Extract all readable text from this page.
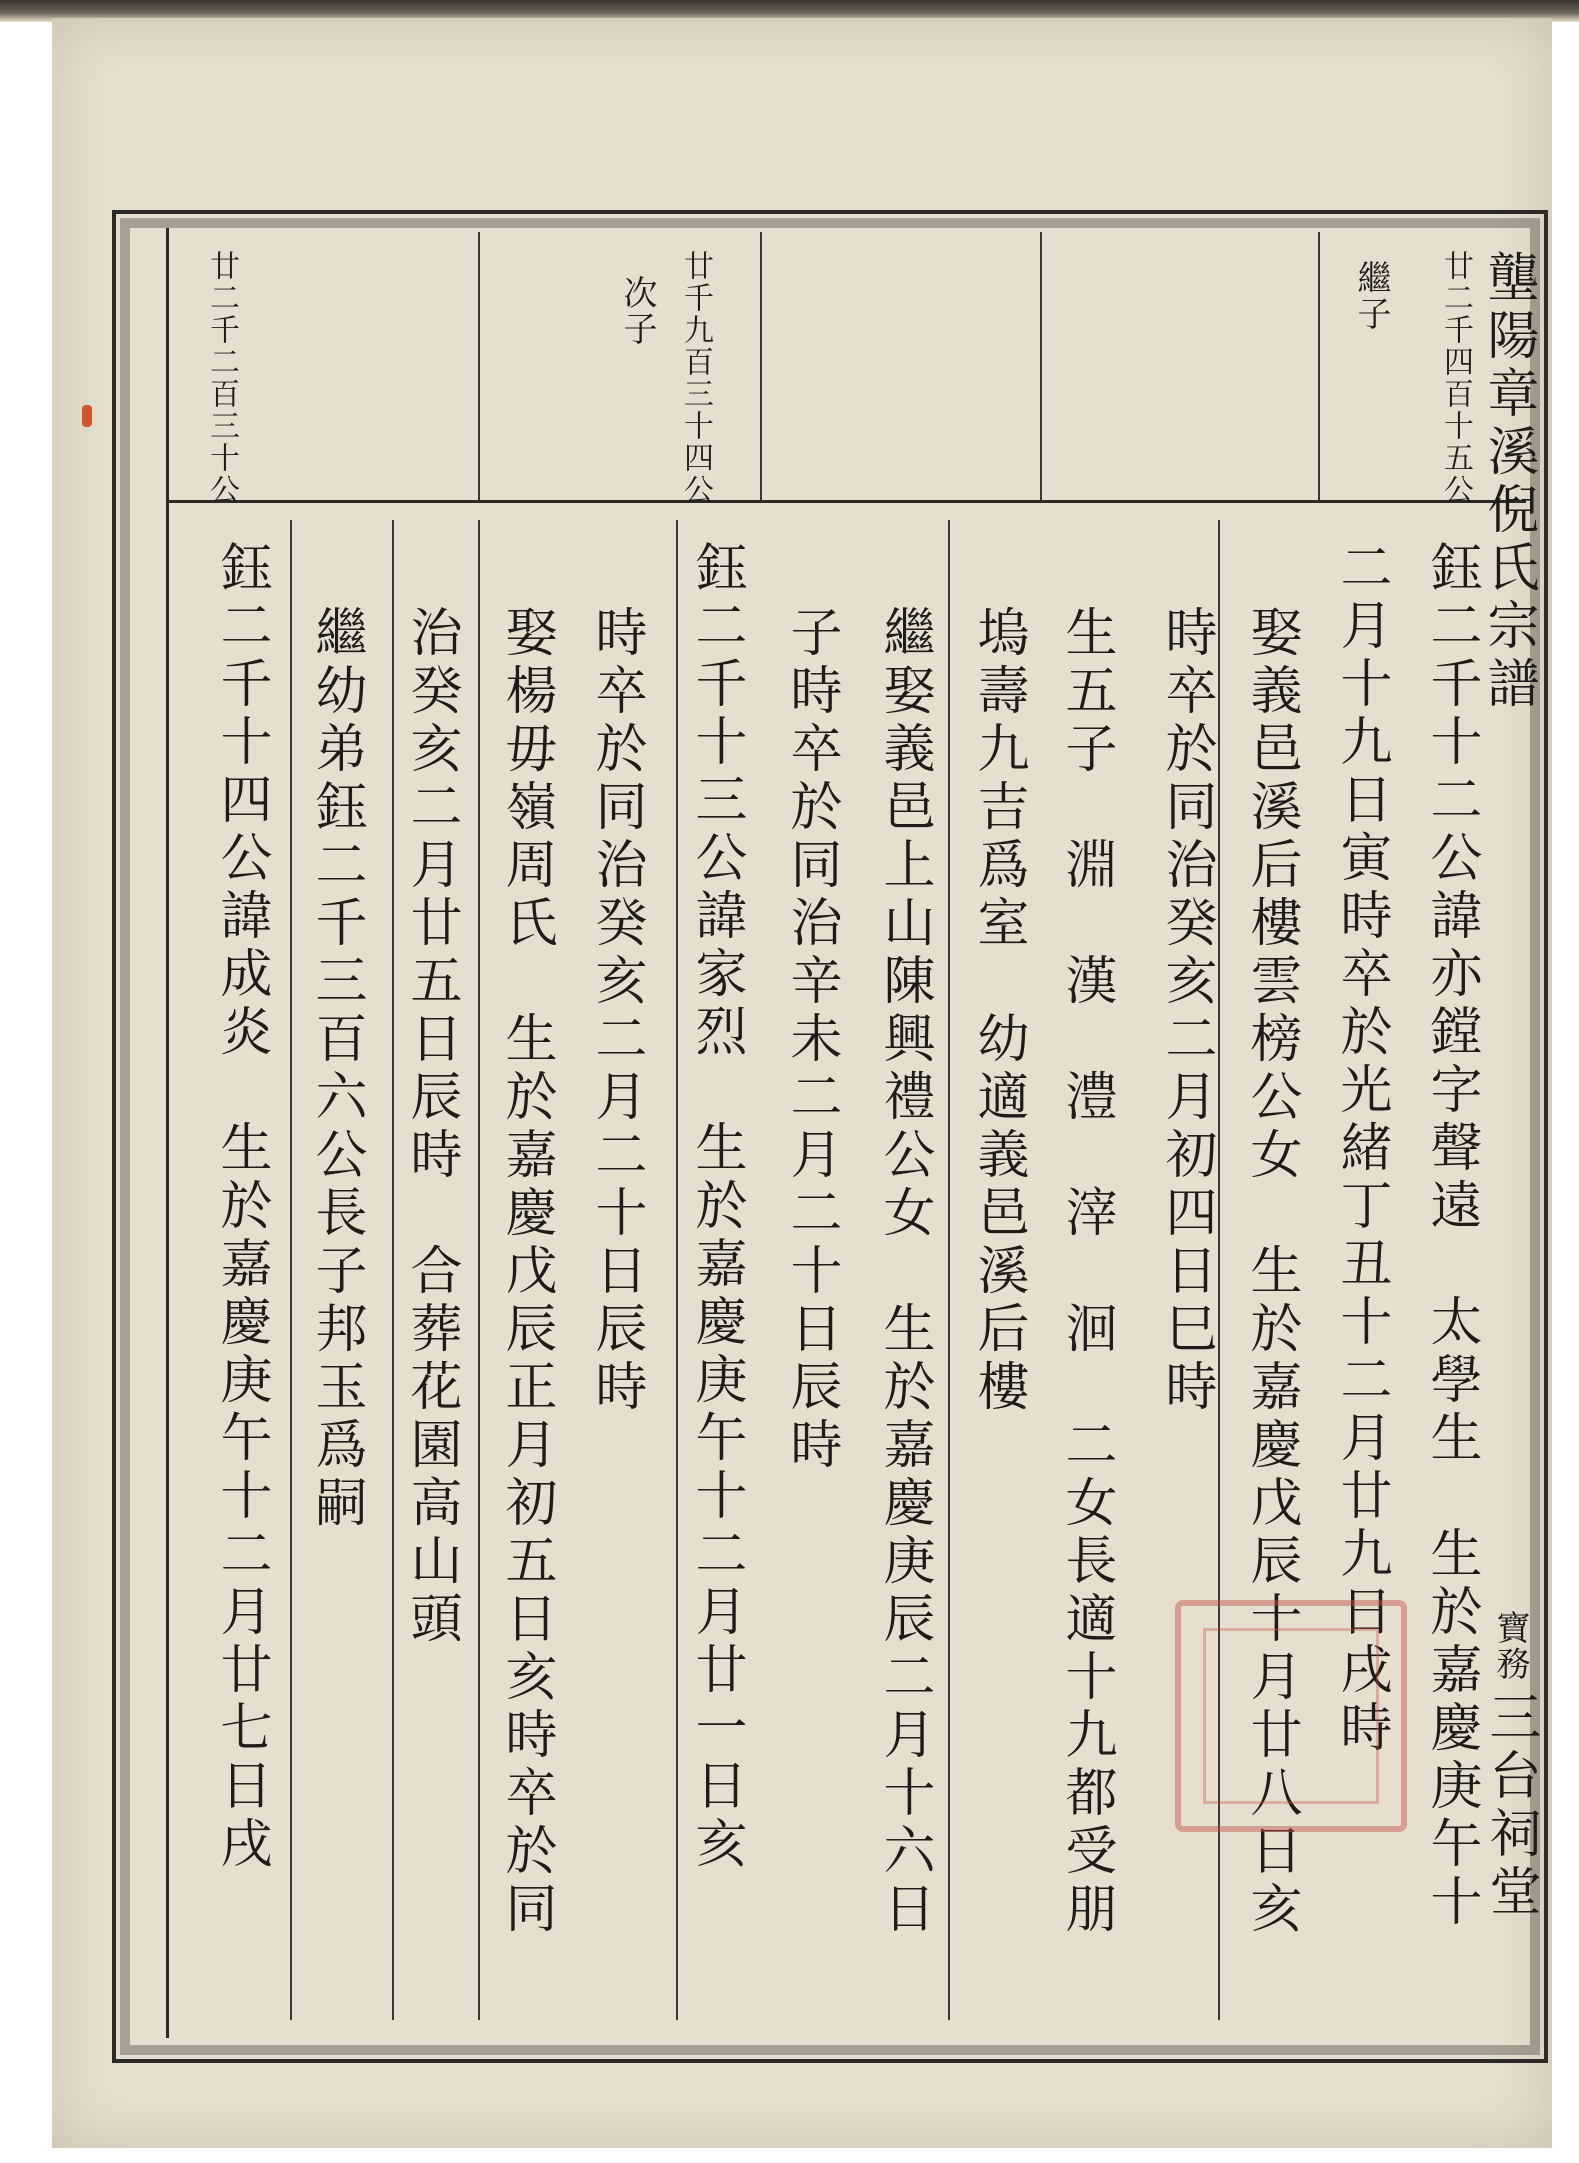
壟陽章溪倪氏宗譜
寶務
三台祠堂
廿二千四百十五公
繼子
廿千九百三十四公
次子
廿二千二百三十公
鈺二千十二公諱亦鏜字聲遠　太學生　生於嘉慶庚午十
二月十九日寅時卒於光緒丁丑十二月廿九日戌時
娶義邑溪后樓雲榜公女　生於嘉慶戊辰十月廿八日亥
時卒於同治癸亥二月初四日巳時
生五子　淵　漢　澧　滓　洄　二女長適十九都受朋
塢壽九吉爲室　幼適義邑溪后樓
繼娶義邑上山陳興禮公女　生於嘉慶庚辰二月十六日
子時卒於同治辛未二月二十日辰時
鈺二千十三公諱家烈　生於嘉慶庚午十二月廿一日亥
時卒於同治癸亥二月二十日辰時
娶楊毋嶺周氏　生於嘉慶戊辰正月初五日亥時卒於同
治癸亥二月廿五日辰時　合葬花園高山頭
繼幼弟鈺二千三百六公長子邦玉爲嗣
鈺二千十四公諱成炎　生於嘉慶庚午十二月廿七日戌
